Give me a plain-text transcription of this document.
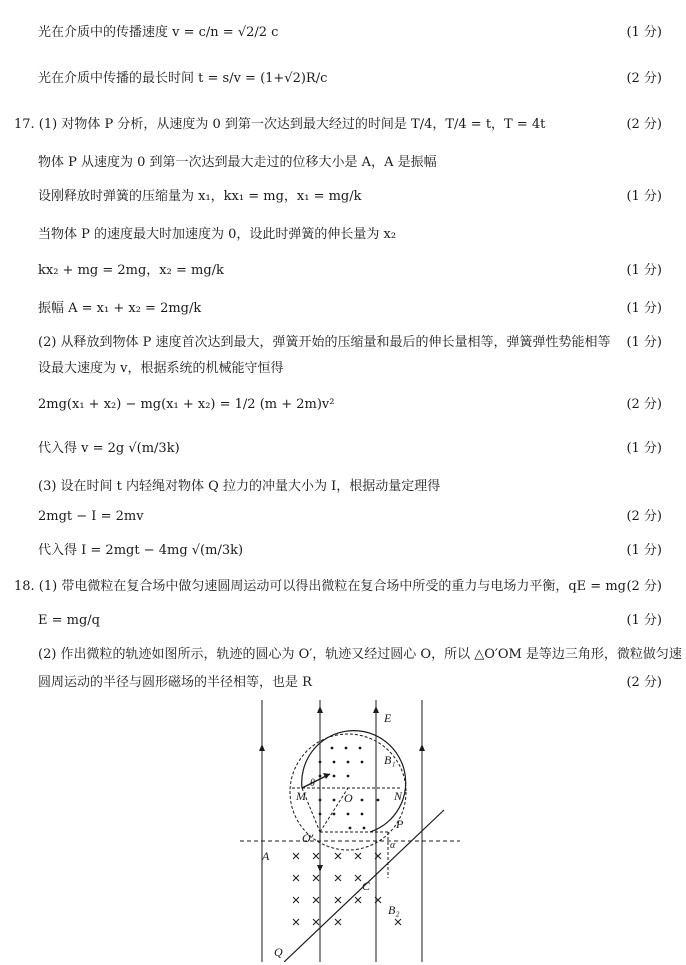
光在介质中的传播速度 v = c/n = √2/2 c	(1 分)
光在介质中传播的最长时间 t = s/v = (1+√2)R/c	(2 分)
17. (1) 对物体 P 分析，从速度为 0 到第一次达到最大经过的时间是 T/4，T/4 = t，T = 4t	(2 分)
物体 P 从速度为 0 到第一次达到最大走过的位移大小是 A，A 是振幅
设刚释放时弹簧的压缩量为 x₁，kx₁ = mg，x₁ = mg/k	(1 分)
当物体 P 的速度最大时加速度为 0，设此时弹簧的伸长量为 x₂
kx₂ + mg = 2mg，x₂ = mg/k	(1 分)
振幅 A = x₁ + x₂ = 2mg/k	(1 分)
(2) 从释放到物体 P 速度首次达到最大，弹簧开始的压缩量和最后的伸长量相等，弹簧弹性势能相等 (1 分)
设最大速度为 v，根据系统的机械能守恒得
2mg(x₁ + x₂) − mg(x₁ + x₂) = 1/2 (m + 2m)v²	(2 分)
代入得 v = 2g √(m/3k)	(1 分)
(3) 设在时间 t 内轻绳对物体 Q 拉力的冲量大小为 I，根据动量定理得
2mgt − I = 2mv	(2 分)
代入得 I = 2mgt − 4mg √(m/3k)	(1 分)
18. (1) 带电微粒在复合场中做匀速圆周运动可以得出微粒在复合场中所受的重力与电场力平衡，qE = mg (2 分)
E = mg/q	(1 分)
(2) 作出微粒的轨迹如图所示，轨迹的圆心为 O′，轨迹又经过圆心 O，所以 △O′OM 是等边三角形，微粒做匀速
圆周运动的半径与圆形磁场的半径相等，也是 R	(2 分)
E
B₁
M	N
O
θ
O′
P
α
A
C
B₂
Q
